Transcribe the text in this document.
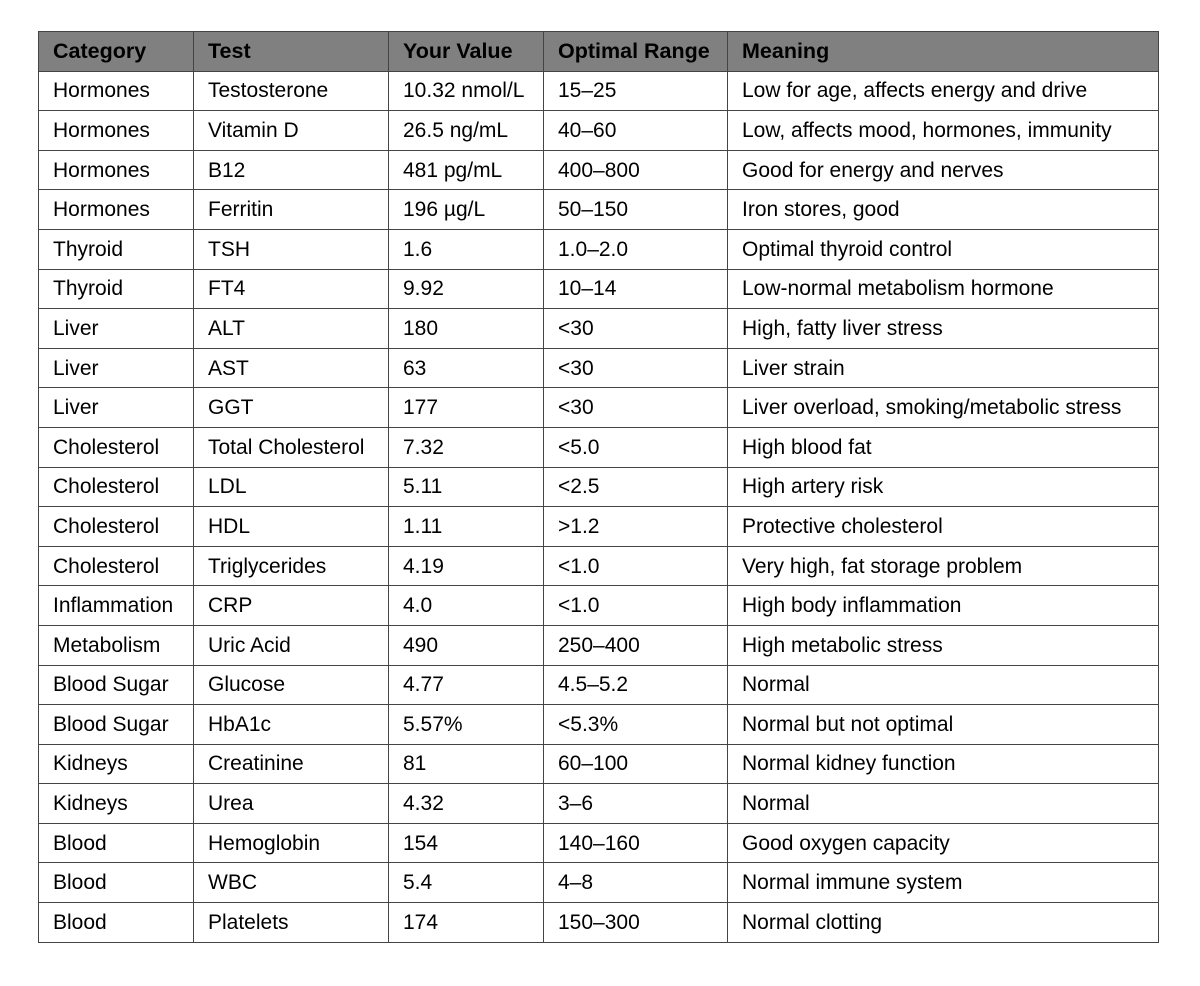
Category	Test	Your Value	Optimal Range	Meaning
Hormones	Testosterone	10.32 nmol/L	15–25	Low for age, affects energy and drive
Hormones	Vitamin D	26.5 ng/mL	40–60	Low, affects mood, hormones, immunity
Hormones	B12	481 pg/mL	400–800	Good for energy and nerves
Hormones	Ferritin	196 µg/L	50–150	Iron stores, good
Thyroid	TSH	1.6	1.0–2.0	Optimal thyroid control
Thyroid	FT4	9.92	10–14	Low-normal metabolism hormone
Liver	ALT	180	<30	High, fatty liver stress
Liver	AST	63	<30	Liver strain
Liver	GGT	177	<30	Liver overload, smoking/metabolic stress
Cholesterol	Total Cholesterol	7.32	<5.0	High blood fat
Cholesterol	LDL	5.11	<2.5	High artery risk
Cholesterol	HDL	1.11	>1.2	Protective cholesterol
Cholesterol	Triglycerides	4.19	<1.0	Very high, fat storage problem
Inflammation	CRP	4.0	<1.0	High body inflammation
Metabolism	Uric Acid	490	250–400	High metabolic stress
Blood Sugar	Glucose	4.77	4.5–5.2	Normal
Blood Sugar	HbA1c	5.57%	<5.3%	Normal but not optimal
Kidneys	Creatinine	81	60–100	Normal kidney function
Kidneys	Urea	4.32	3–6	Normal
Blood	Hemoglobin	154	140–160	Good oxygen capacity
Blood	WBC	5.4	4–8	Normal immune system
Blood	Platelets	174	150–300	Normal clotting
